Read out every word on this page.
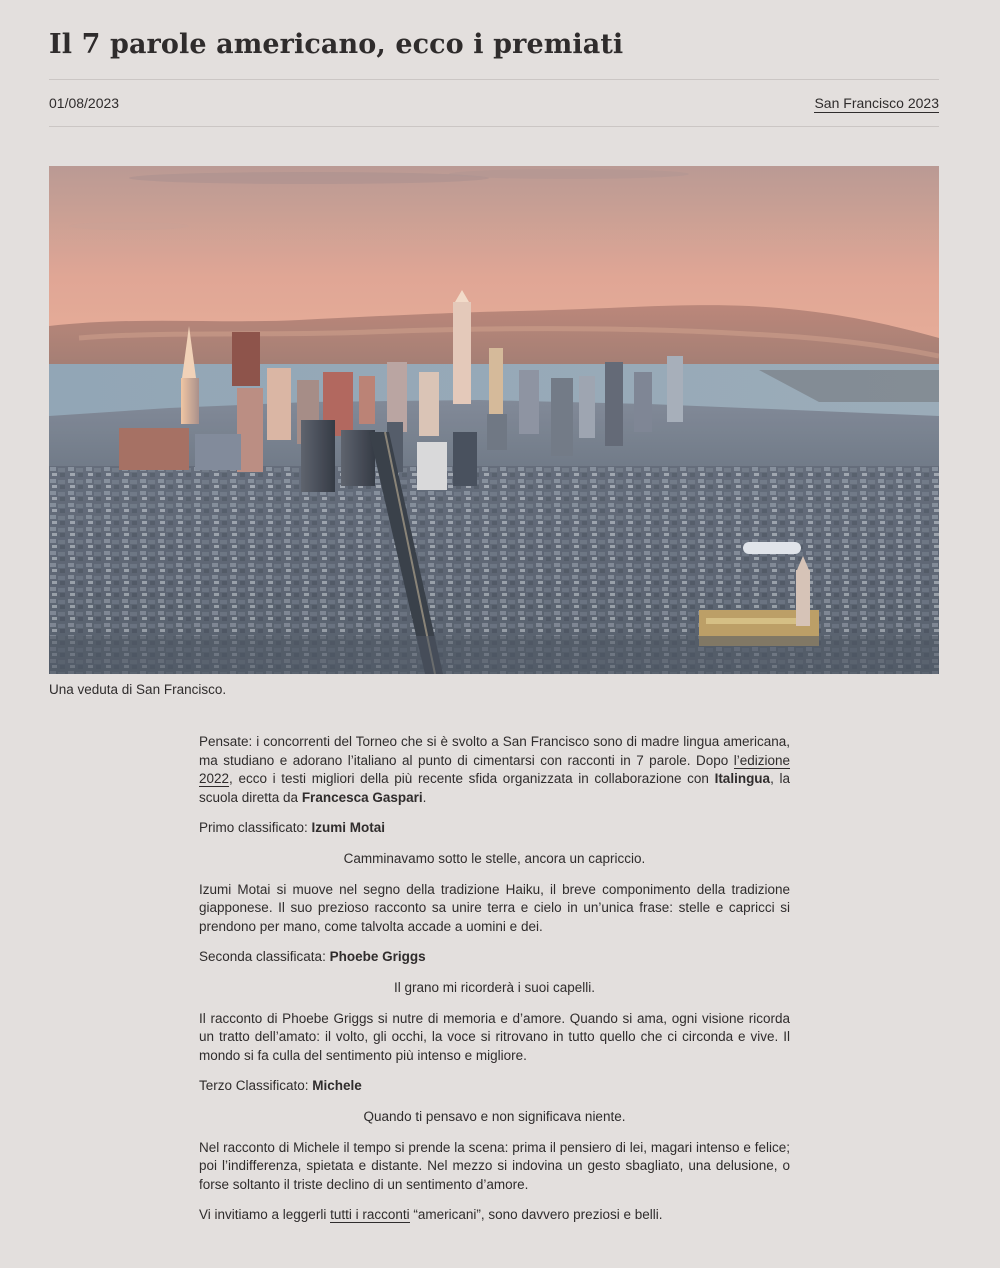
Il 7 parole americano, ecco i premiati
01/08/2023	San Francisco 2023
Una veduta di San Francisco.

Pensate: i concorrenti del Torneo che si è svolto a San Francisco sono di madre lingua americana, ma studiano e adorano l’italiano al punto di cimentarsi con racconti in 7 parole. Dopo l’edizione 2022, ecco i testi migliori della più recente sfida organizzata in collaborazione con Italingua, la scuola diretta da Francesca Gaspari.

Primo classificato: Izumi Motai

Camminavamo sotto le stelle, ancora un capriccio.

Izumi Motai si muove nel segno della tradizione Haiku, il breve componimento della tradizione giapponese. Il suo prezioso racconto sa unire terra e cielo in un’unica frase: stelle e capricci si prendono per mano, come talvolta accade a uomini e dei.

Seconda classificata: Phoebe Griggs

Il grano mi ricorderà i suoi capelli.

Il racconto di Phoebe Griggs si nutre di memoria e d’amore. Quando si ama, ogni visione ricorda un tratto dell’amato: il volto, gli occhi, la voce si ritrovano in tutto quello che ci circonda e vive. Il mondo si fa culla del sentimento più intenso e migliore.

Terzo Classificato: Michele

Quando ti pensavo e non significava niente.

Nel racconto di Michele il tempo si prende la scena: prima il pensiero di lei, magari intenso e felice; poi l’indifferenza, spietata e distante. Nel mezzo si indovina un gesto sbagliato, una delusione, o forse soltanto il triste declino di un sentimento d’amore.

Vi invitiamo a leggerli tutti i racconti “americani”, sono davvero preziosi e belli.
